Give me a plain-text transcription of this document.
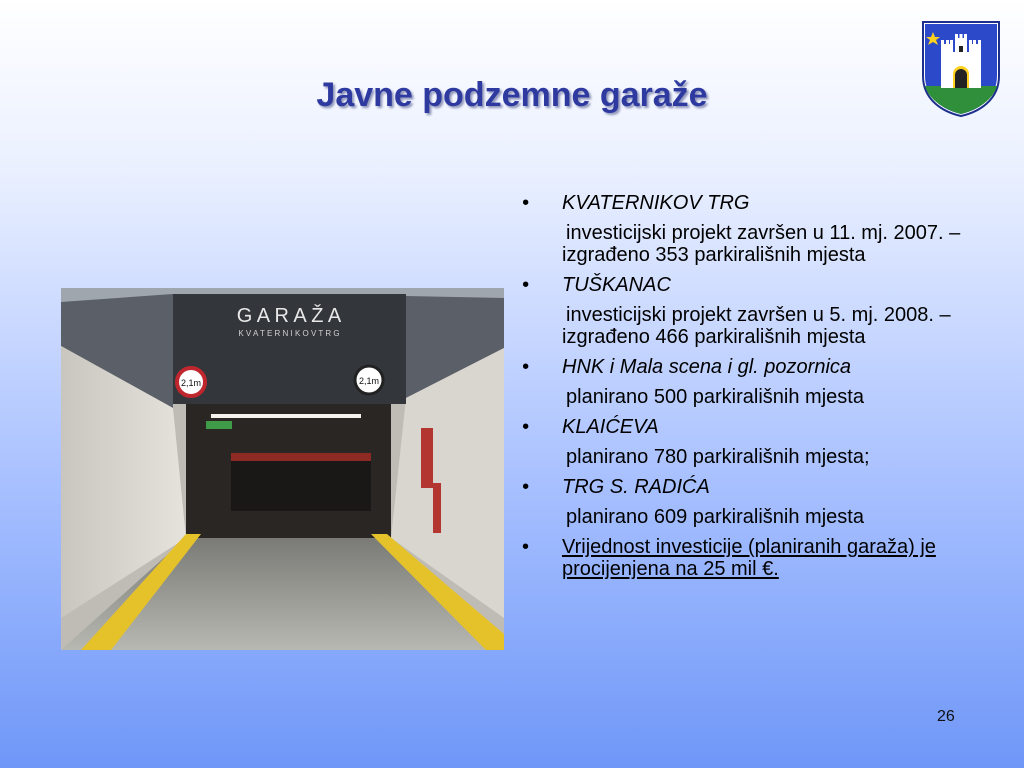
Javne podzemne garaže
G A R A Ž A
K V A T E R N I K O V T R G
2,1m	2,1m
• KVATERNIKOV TRG
investicijski projekt završen u 11. mj. 2007. – izgrađeno 353 parkirališnih mjesta
• TUŠKANAC
investicijski projekt završen u 5. mj. 2008. – izgrađeno 466 parkirališnih mjesta
• HNK i Mala scena i gl. pozornica
planirano 500 parkirališnih mjesta
• KLAIĆEVA
planirano 780 parkirališnih mjesta;
• TRG S. RADIĆA
planirano 609 parkirališnih mjesta
• Vrijednost investicije (planiranih garaža) je procijenjena na 25 mil €.
26
